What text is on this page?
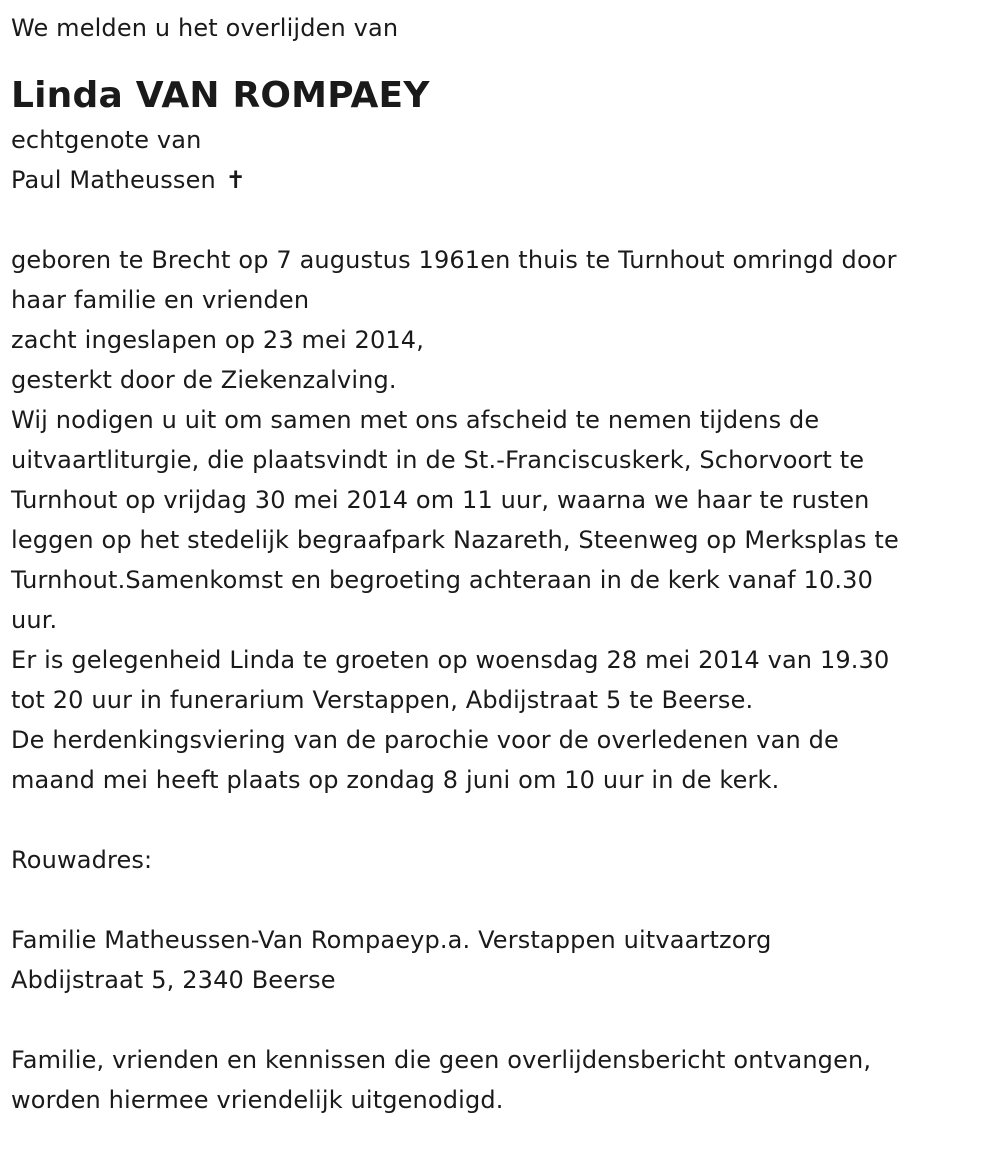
We melden u het overlijden van
Linda VAN ROMPAEY
echtgenote van
Paul Matheussen ✝
geboren te Brecht op 7 augustus 1961en thuis te Turnhout omringd door
haar familie en vrienden
zacht ingeslapen op 23 mei 2014,
gesterkt door de Ziekenzalving.
Wij nodigen u uit om samen met ons afscheid te nemen tijdens de
uitvaartliturgie, die plaatsvindt in de St.-Franciscuskerk, Schorvoort te
Turnhout op vrijdag 30 mei 2014 om 11 uur, waarna we haar te rusten
leggen op het stedelijk begraafpark Nazareth, Steenweg op Merksplas te
Turnhout.Samenkomst en begroeting achteraan in de kerk vanaf 10.30
uur.
Er is gelegenheid Linda te groeten op woensdag 28 mei 2014 van 19.30
tot 20 uur in funerarium Verstappen, Abdijstraat 5 te Beerse.
De herdenkingsviering van de parochie voor de overledenen van de
maand mei heeft plaats op zondag 8 juni om 10 uur in de kerk.
Rouwadres:
Familie Matheussen-Van Rompaeyp.a. Verstappen uitvaartzorg
Abdijstraat 5, 2340 Beerse
Familie, vrienden en kennissen die geen overlijdensbericht ontvangen,
worden hiermee vriendelijk uitgenodigd.
